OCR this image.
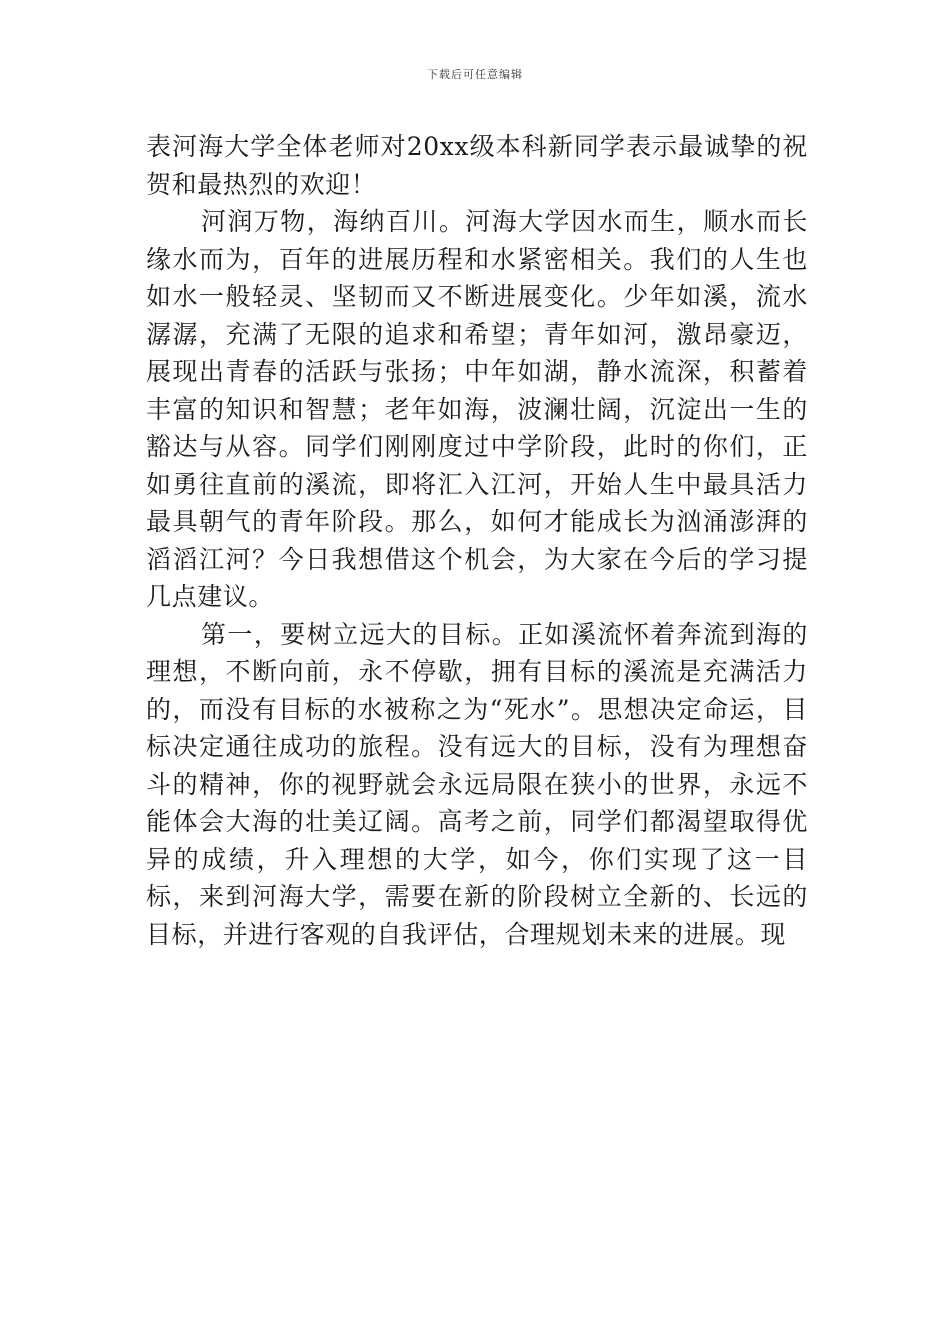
下载后可任意编辑

表河海大学全体老师对20xx级本科新同学表示最诚挚的祝贺和最热烈的欢迎！

河润万物，海纳百川。河海大学因水而生，顺水而长缘水而为，百年的进展历程和水紧密相关。我们的人生也如水一般轻灵、坚韧而又不断进展变化。少年如溪，流水潺潺，充满了无限的追求和希望；青年如河，激昂豪迈，展现出青春的活跃与张扬；中年如湖，静水流深，积蓄着丰富的知识和智慧；老年如海，波澜壮阔，沉淀出一生的豁达与从容。同学们刚刚度过中学阶段，此时的你们，正如勇往直前的溪流，即将汇入江河，开始人生中最具活力最具朝气的青年阶段。那么，如何才能成长为汹涌澎湃的滔滔江河？今日我想借这个机会，为大家在今后的学习提几点建议。

第一，要树立远大的目标。正如溪流怀着奔流到海的理想，不断向前，永不停歇，拥有目标的溪流是充满活力的，而没有目标的水被称之为“死水”。思想决定命运，目标决定通往成功的旅程。没有远大的目标，没有为理想奋斗的精神，你的视野就会永远局限在狭小的世界，永远不能体会大海的壮美辽阔。高考之前，同学们都渴望取得优异的成绩，升入理想的大学，如今，你们实现了这一目标，来到河海大学，需要在新的阶段树立全新的、长远的目标，并进行客观的自我评估，合理规划未来的进展。现
